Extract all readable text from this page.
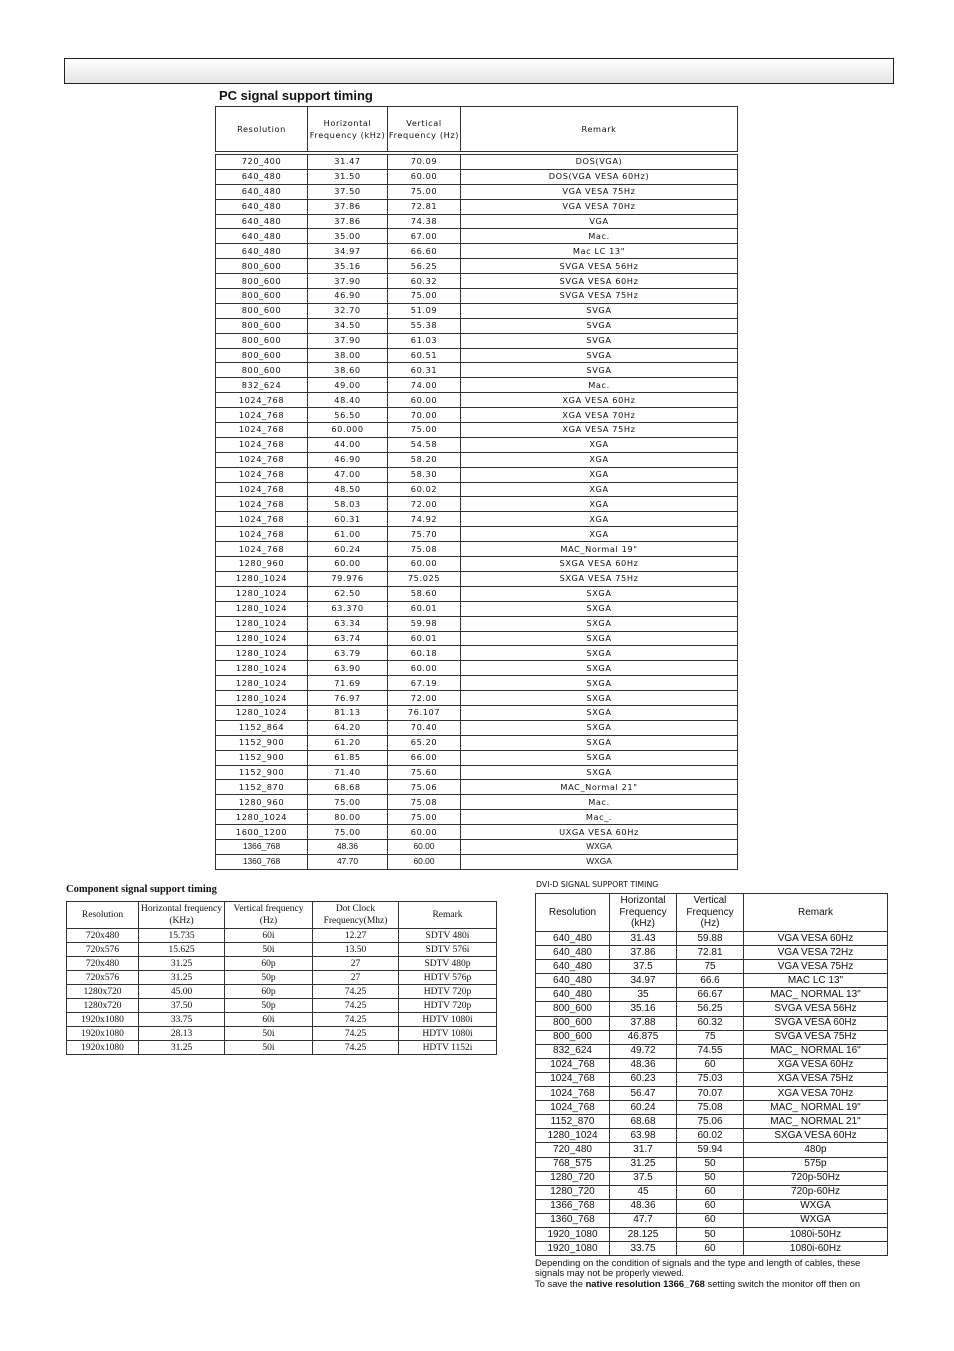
PC signal support timing
Resolution	Horizontal Frequency (kHz)	Vertical Frequency (Hz)	Remark

720_400	31.47	70.09	DOS(VGA)
640_480	31.50	60.00	DOS(VGA VESA 60Hz)
640_480	37.50	75.00	VGA VESA 75Hz
640_480	37.86	72.81	VGA VESA 70Hz
640_480	37.86	74.38	VGA
640_480	35.00	67.00	Mac.
640_480	34.97	66.60	Mac LC 13"
800_600	35.16	56.25	SVGA VESA 56Hz
800_600	37.90	60.32	SVGA VESA 60Hz
800_600	46.90	75.00	SVGA VESA 75Hz
800_600	32.70	51.09	SVGA
800_600	34.50	55.38	SVGA
800_600	37.90	61.03	SVGA
800_600	38.00	60.51	SVGA
800_600	38.60	60.31	SVGA
832_624	49.00	74.00	Mac.
1024_768	48.40	60.00	XGA VESA 60Hz
1024_768	56.50	70.00	XGA VESA 70Hz
1024_768	60.000	75.00	XGA VESA 75Hz
1024_768	44.00	54.58	XGA
1024_768	46.90	58.20	XGA
1024_768	47.00	58.30	XGA
1024_768	48.50	60.02	XGA
1024_768	58.03	72.00	XGA
1024_768	60.31	74.92	XGA
1024_768	61.00	75.70	XGA
1024_768	60.24	75.08	MAC_Normal 19"
1280_960	60.00	60.00	SXGA VESA 60Hz
1280_1024	79.976	75.025	SXGA VESA 75Hz
1280_1024	62.50	58.60	SXGA
1280_1024	63.370	60.01	SXGA
1280_1024	63.34	59.98	SXGA
1280_1024	63.74	60.01	SXGA
1280_1024	63.79	60.18	SXGA
1280_1024	63.90	60.00	SXGA
1280_1024	71.69	67.19	SXGA
1280_1024	76.97	72.00	SXGA
1280_1024	81.13	76.107	SXGA
1152_864	64.20	70.40	SXGA
1152_900	61.20	65.20	SXGA
1152_900	61.85	66.00	SXGA
1152_900	71.40	75.60	SXGA
1152_870	68.68	75.06	MAC_Normal 21"
1280_960	75.00	75.08	Mac.
1280_1024	80.00	75.00	Mac_.
1600_1200	75.00	60.00	UXGA VESA 60Hz
1366_768	48.36	60.00	WXGA
1360_768	47.70	60.00	WXGA
Component signal support timing
Resolution	Horizontal frequency (KHz)	Vertical frequency (Hz)	Dot Clock Frequency(Mhz)	Remark
720x480	15.735	60i	12.27	SDTV 480i
720x576	15.625	50i	13.50	SDTV 576i
720x480	31.25	60p	27	SDTV 480p
720x576	31.25	50p	27	HDTV 576p
1280x720	45.00	60p	74.25	HDTV 720p
1280x720	37.50	50p	74.25	HDTV 720p
1920x1080	33.75	60i	74.25	HDTV 1080i
1920x1080	28.13	50i	74.25	HDTV 1080i
1920x1080	31.25	50i	74.25	HDTV 1152i
DVI-D SIGNAL SUPPORT TIMING
Resolution	Horizontal Frequency (kHz)	Vertical Frequency (Hz)	Remark
640_480	31.43	59.88	VGA VESA 60Hz
640_480	37.86	72.81	VGA VESA 72Hz
640_480	37.5	75	VGA VESA 75Hz
640_480	34.97	66.6	MAC LC 13"
640_480	35	66.67	MAC_ NORMAL 13"
800_600	35.16	56.25	SVGA VESA 56Hz
800_600	37.88	60.32	SVGA VESA 60Hz
800_600	46.875	75	SVGA VESA 75Hz
832_624	49.72	74.55	MAC_ NORMAL 16"
1024_768	48.36	60	XGA VESA 60Hz
1024_768	60.23	75.03	XGA VESA 75Hz
1024_768	56.47	70.07	XGA VESA 70Hz
1024_768	60.24	75.08	MAC_ NORMAL 19"
1152_870	68.68	75.06	MAC_ NORMAL 21"
1280_1024	63.98	60.02	SXGA VESA 60Hz
720_480	31.7	59.94	480p
768_575	31.25	50	575p
1280_720	37.5	50	720p-50Hz
1280_720	45	60	720p-60Hz
1366_768	48.36	60	WXGA
1360_768	47.7	60	WXGA
1920_1080	28.125	50	1080i-50Hz
1920_1080	33.75	60	1080i-60Hz
Depending on the condition of signals and the type and length of cables, these signals may not be properly viewed.
To save the native resolution 1366_768 setting switch the monitor off then on
